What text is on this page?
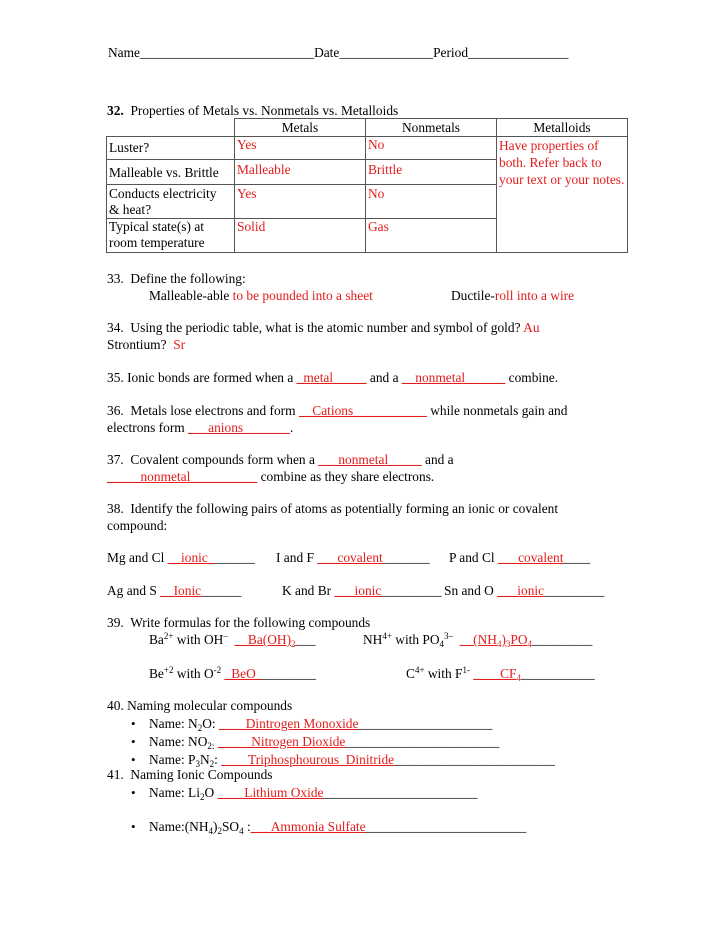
Name__________________________Date______________Period_______________
32.  Properties of Metals vs. Nonmetals vs. Metalloids
	Metals	Nonmetals	Metalloids
Luster?	Yes	No	Have properties of both. Refer back to your text or your notes.
Malleable vs. Brittle	Malleable	Brittle	
Conducts electricity
& heat?	Yes	No	
Typical state(s) at
room temperature	Solid	Gas	
33.  Define the following:
Malleable-able to be pounded into a sheet	Ductile-roll into a wire
34.  Using the periodic table, what is the atomic number and symbol of gold? Au
Strontium?  Sr
35. Ionic bonds are formed when a _metal_____ and a __nonmetal______ combine.
36.  Metals lose electrons and form __Cations___________ while nonmetals gain and
electrons form ___anions_______.
37.  Covalent compounds form when a ___nonmetal_____ and a
_____nonmetal__________ combine as they share electrons.
38.  Identify the following pairs of atoms as potentially forming an ionic or covalent
compound:
Mg and Cl __ionic_______ I and F ___covalent_______ P and Cl ___covalent____
Ag and S __Ionic______	K and Br ___ionic_________ Sn and O ___ionic_________
39.  Write formulas for the following compounds
$Ba^{2+}$ with OH– $\_\_Ba(OH)_2\_\_\_$	$NH^{4+}$ with $PO_4^{3-}$ $\_\_(NH_4)_3PO_4\_\_\_\_\_\_\_\_\_$
$Be^{+2}$ with $O^{-2}$ _BeO_________	$C^{4+}$ with $F^{1-}$ $\_\_\_\_CF_4\_\_\_\_\_\_\_\_\_\_\_$
40. Naming molecular compounds
• Name: $N_2O$: ____Dintrogen Monoxide____________________
• Name: $NO_{2:}$ _____Nitrogen Dioxide_______________________
• Name: $P_3N_2$: ____Triphosphourous  Dinitride________________________
41.  Naming Ionic Compounds
• Name: $Li_2O$ ____Lithium Oxide_______________________
• $Name:(NH_4)_2SO_4$ :___Ammonia Sulfate________________________
